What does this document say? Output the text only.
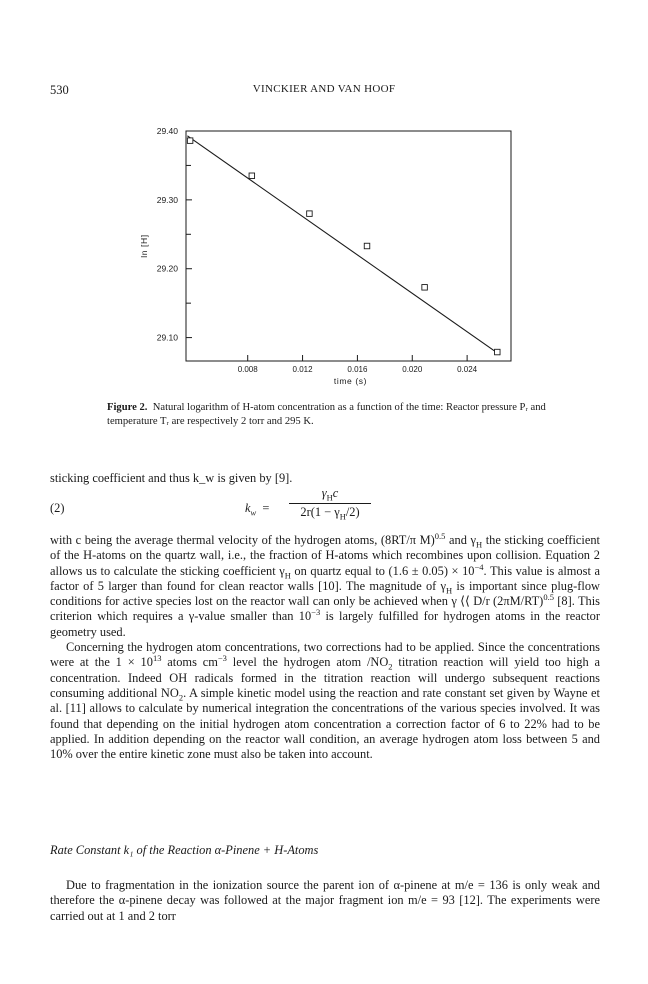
530	VINCKIER AND VAN HOOF
29.10
29.20
29.30
29.40
0.008	0.012	0.016	0.020	0.024
time (s)
ln [H]
Figure 2. Natural logarithm of H-atom concentration as a function of the time: Reactor pressure Pᵣ and temperature Tᵣ are respectively 2 torr and 295 K.
sticking coefficient and thus k_w is given by [9].
(2)	$k_w$  =
$\gamma_Hc$
$2r(1 - \gamma_H/2)$

with c being the average thermal velocity of the hydrogen atoms, (8RT/π M)$^{0.5}$ and $\gamma_H$ the sticking coefficient of the H-atoms on the quartz wall, i.e., the fraction of H-atoms which recombines upon collision. Equation 2 allows us to calculate the sticking coefficient $\gamma_H$ on quartz equal to $(1.6 \pm 0.05) \times 10^{-4}$. This value is almost a factor of 5 larger than found for clean reactor walls [10]. The magnitude of $\gamma_H$ is important since plug-flow conditions for active species lost on the reactor wall can only be achieved when γ ⟨⟨ D/r $(2\pi M/RT)^{0.5}$ [8]. This criterion which requires a γ-value smaller than $10^{-3}$ is largely fulfilled for hydrogen atoms in the reactor geometry used.

Concerning the hydrogen atom concentrations, two corrections had to be applied. Since the concentrations were at the $1 \times 10^{13}$ atoms $cm^{-3}$ level the hydrogen atom $/NO_2$ titration reaction will yield too high a concentration. Indeed OH radicals formed in the titration reaction will undergo subsequent reactions consuming additional $NO_2$. A simple kinetic model using the reaction and rate constant set given by Wayne et al. [11] allows to calculate by numerical integration the concentrations of the various species involved. It was found that depending on the initial hydrogen atom concentration a correction factor of 6 to 22% had to be applied. In addition depending on the reactor wall condition, an average hydrogen atom loss between 5 and 10% over the entire kinetic zone must also be taken into account.

Rate Constant k₁ of the Reaction α-Pinene + H-Atoms
Due to fragmentation in the ionization source the parent ion of α-pinene at m/e = 136 is only weak and therefore the α-pinene decay was followed at the major fragment ion m/e = 93 [12]. The experiments were carried out at 1 and 2 torr
